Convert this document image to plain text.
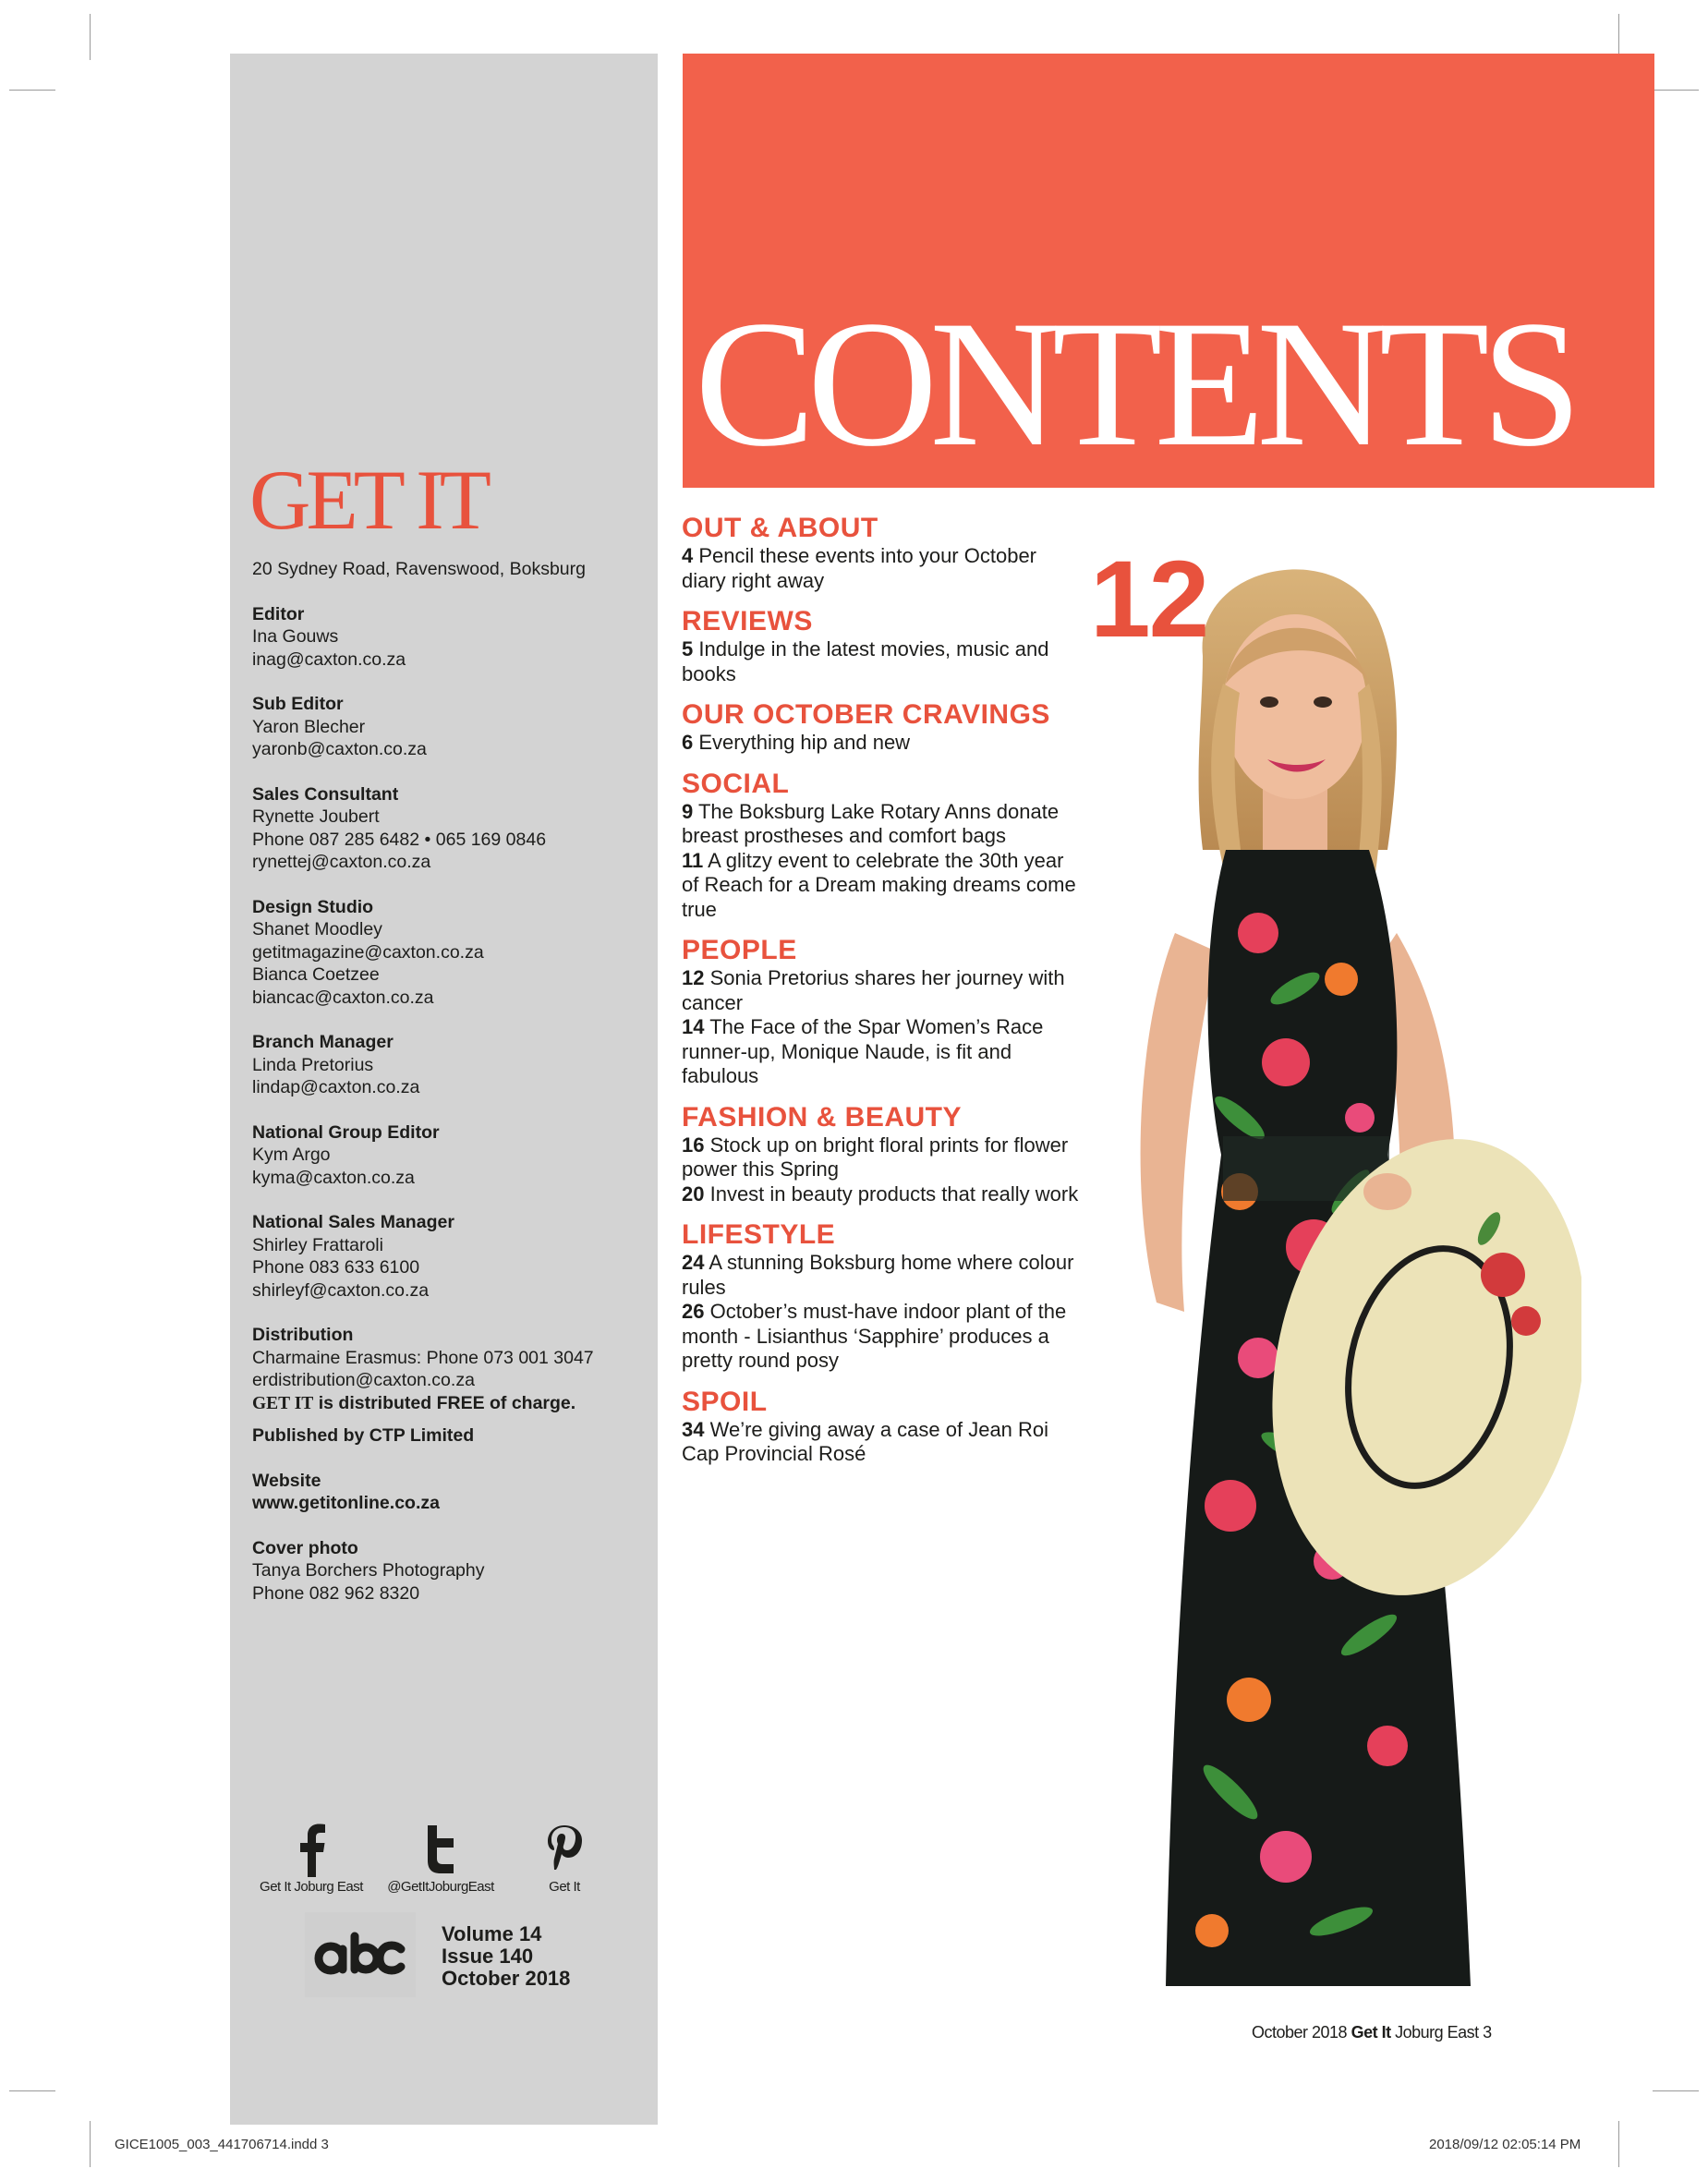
GET IT

20 Sydney Road, Ravenswood, Boksburg

Editor
Ina Gouws
inag@caxton.co.za
Sub Editor
Yaron Blecher
yaronb@caxton.co.za
Sales Consultant
Rynette Joubert
Phone 087 285 6482 • 065 169 0846
rynettej@caxton.co.za
Design Studio
Shanet Moodley
getitmagazine@caxton.co.za
Bianca Coetzee
biancac@caxton.co.za
Branch Manager
Linda Pretorius
lindap@caxton.co.za
National Group Editor
Kym Argo
kyma@caxton.co.za
National Sales Manager
Shirley Frattaroli
Phone 083 633 6100
shirleyf@caxton.co.za
Distribution
Charmaine Erasmus: Phone 073 001 3047
erdistribution@caxton.co.za
GET IT is distributed FREE of charge.
Published by CTP Limited
Website
www.getitonline.co.za
Cover photo
Tanya Borchers Photography
Phone 082 962 8320
Get It Joburg East	@GetItJoburgEast	Get It
Volume 14
Issue 140
October 2018
CONTENTS
12
OUT & ABOUT
4 Pencil these events into your October diary right away
REVIEWS
5 Indulge in the latest movies, music and books
OUR OCTOBER CRAVINGS
6 Everything hip and new
SOCIAL
9 The Boksburg Lake Rotary Anns donate breast prostheses and comfort bags
11 A glitzy event to celebrate the 30th year of Reach for a Dream making dreams come true
PEOPLE
12 Sonia Pretorius shares her journey with cancer
14 The Face of the Spar Women’s Race runner-up, Monique Naude, is fit and fabulous
FASHION & BEAUTY
16 Stock up on bright floral prints for flower power this Spring
20 Invest in beauty products that really work
LIFESTYLE
24 A stunning Boksburg home where colour rules
26 October’s must-have indoor plant of the month - Lisianthus ‘Sapphire’ produces a pretty round posy
SPOIL
34 We’re giving away a case of Jean Roi Cap Provincial Rosé
October 2018 Get It Joburg East 3
GICE1005_003_441706714.indd 3	2018/09/12 02:05:14 PM
